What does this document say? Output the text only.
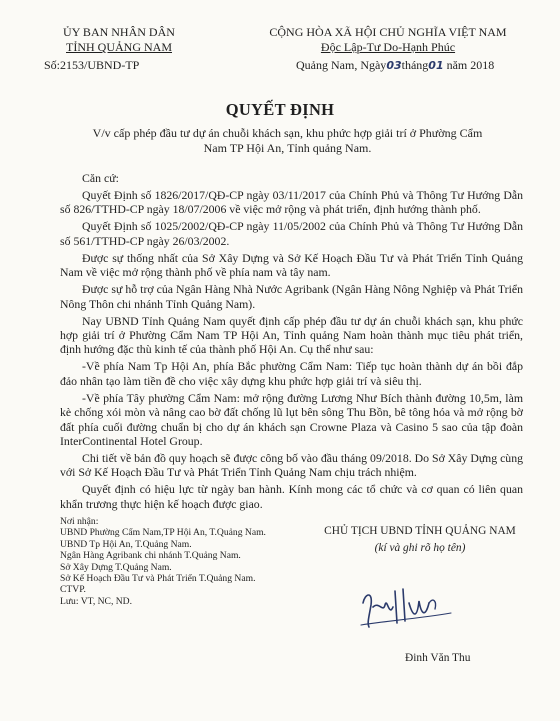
ỦY BAN NHÂN DÂN
TỈNH QUẢNG NAM
Số:2153/UBND-TP
CỘNG HÒA XÃ HỘI CHỦ NGHĨA VIỆT NAM
Độc Lập-Tư Do-Hạnh Phúc
Quảng Nam, Ngày03tháng01 năm 2018
QUYẾT ĐỊNH
V/v cấp phép đầu tư dự án chuỗi khách sạn, khu phức hợp giải trí ở Phường Cẩm Nam TP Hội An, Tỉnh quảng Nam.

Căn cứ:

Quyết Định số 1826/2017/QĐ-CP ngày 03/11/2017 của Chính Phủ và Thông Tư Hướng Dẫn số 826/TTHD-CP ngày 18/07/2006 về việc mở rộng và phát triển, định hướng thành phố.

Quyết Định số 1025/2002/QĐ-CP ngày 11/05/2002 của Chính Phủ và Thông Tư Hướng Dẫn số 561/TTHD-CP ngày 26/03/2002.

Được sự thống nhất của Sở Xây Dựng và Sở Kế Hoạch Đầu Tư và Phát Triển Tỉnh Quảng Nam về việc mở rộng thành phố về phía nam và tây nam.

Được sự hỗ trợ của Ngân Hàng Nhà Nước Agribank (Ngân Hàng Nông Nghiệp và Phát Triển Nông Thôn chi nhánh Tỉnh Quảng Nam).

Nay UBND Tỉnh Quảng Nam quyết định cấp phép đầu tư dự án chuỗi khách sạn, khu phức hợp giải trí ở Phường Cẩm Nam TP Hội An, Tỉnh quảng Nam hoàn thành mục tiêu phát triển, định hướng đặc thù kinh tế của thành phố Hội An. Cụ thể như sau:

-Về phía Nam Tp Hội An, phía Bắc phường Cẩm Nam: Tiếp tục hoàn thành dự án bồi đắp đảo nhân tạo làm tiền đề cho việc xây dựng khu phức hợp giải trí và siêu thị.

-Về phía Tây phường Cẩm Nam: mở rộng đường Lương Như Bích thành đường 10,5m, làm kè chống xói mòn và nâng cao bờ đất chống lũ lụt bên sông Thu Bồn, bê tông hóa và mở rộng bờ đất phía cuối đường chuẩn bị cho dự án khách sạn Crowne Plaza và Casino 5 sao của tập đoàn InterContinental Hotel Group.

Chi tiết về bản đồ quy hoạch sẽ được công bố vào đầu tháng 09/2018. Do Sở Xây Dựng cùng với Sở Kế Hoạch Đầu Tư và Phát Triển Tỉnh Quảng Nam chịu trách nhiệm.

Quyết định có hiệu lực từ ngày ban hành. Kính mong các tổ chức và cơ quan có liên quan khẩn trương thực hiện kế hoạch được giao.

Nơi nhận:
UBND Phường Cẩm Nam,TP Hội An, T.Quảng Nam.
UBND Tp Hội An, T.Quảng Nam.
Ngân Hàng Agribank chi nhánh T.Quảng Nam.
Sở Xây Dựng T.Quảng Nam.
Sở Kế Hoạch Đầu Tư và Phát Triển T.Quảng Nam.
CTVP.
Lưu: VT, NC, ND.
CHỦ TỊCH UBND TỈNH QUẢNG NAM
(kí và ghi rõ họ tên)
Đinh Văn Thu
